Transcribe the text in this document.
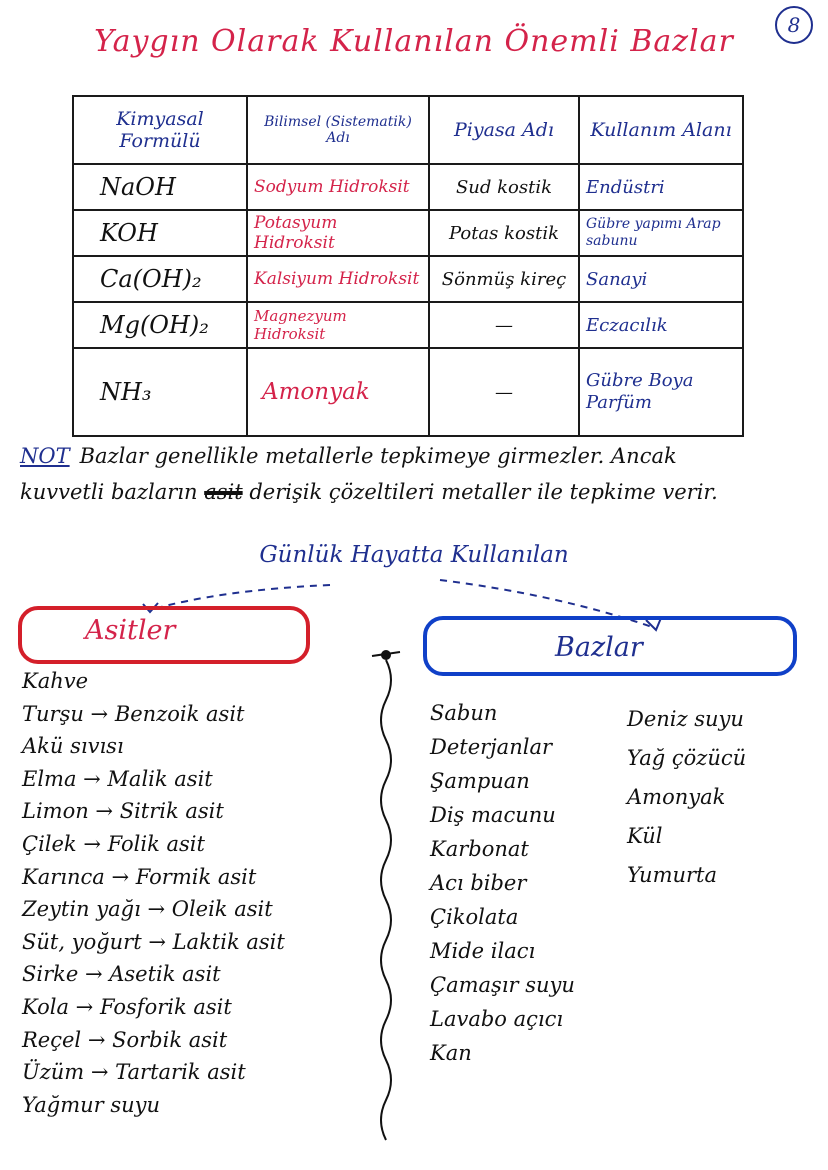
8
Yaygın Olarak Kullanılan Önemli Bazlar
Kimyasal Formülü	Bilimsel (Sistematik) Adı	Piyasa Adı	Kullanım Alanı
NaOH	Sodyum Hidroksit	Sud kostik	Endüstri
KOH	Potasyum Hidroksit	Potas kostik	Gübre yapımı Arap sabunu
Ca(OH)₂	Kalsiyum Hidroksit	Sönmüş kireç	Sanayi
Mg(OH)₂	Magnezyum Hidroksit	—	Eczacılık
NH₃	Amonyak	—	Gübre Boya Parfüm
NOT Bazlar genellikle metallerle tepkimeye girmezler. Ancak
kuvvetli bazların asit derişik çözeltileri metaller ile tepkime verir.
Günlük Hayatta Kullanılan
Asitler
Bazlar
Kahve
Turşu → Benzoik asit
Akü sıvısı
Elma → Malik asit
Limon → Sitrik asit
Çilek → Folik asit
Karınca → Formik asit
Zeytin yağı → Oleik asit
Süt, yoğurt → Laktik asit
Sirke → Asetik asit
Kola → Fosforik asit
Reçel → Sorbik asit
Üzüm → Tartarik asit
Yağmur suyu
Sabun
Deterjanlar
Şampuan
Diş macunu
Karbonat
Acı biber
Çikolata
Mide ilacı
Çamaşır suyu
Lavabo açıcı
Kan
Deniz suyu
Yağ çözücü
Amonyak
Kül
Yumurta
